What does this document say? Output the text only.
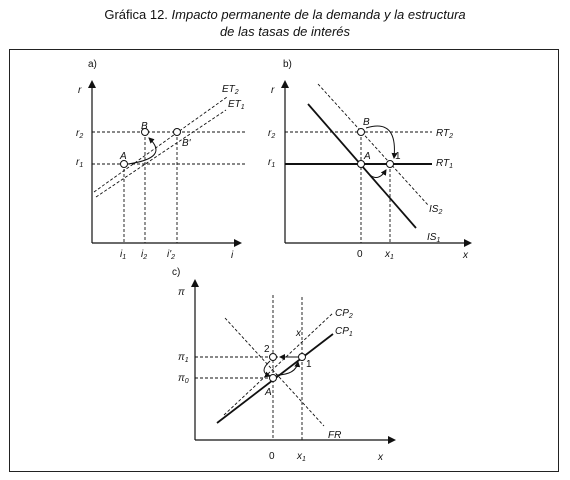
Gráfica 12. Impacto permanente de la demanda y la estructura
de las tasas de interés
a)
r
i
A
B
B'
$r_2$
$r_1$
$i_1$ $i_2$ $i'_2$
$ET_2$
$ET_1$
b)
r
x
B
A 1
$r_2$
$r_1$
0 $x_1$
$RT_2$
$RT_1$
$IS_2$
$IS_1$
c)
π
x
2
1
A
x
$\pi_1$
$\pi_0$
0 $x_1$
$CP_2$
$CP_1$
FR
